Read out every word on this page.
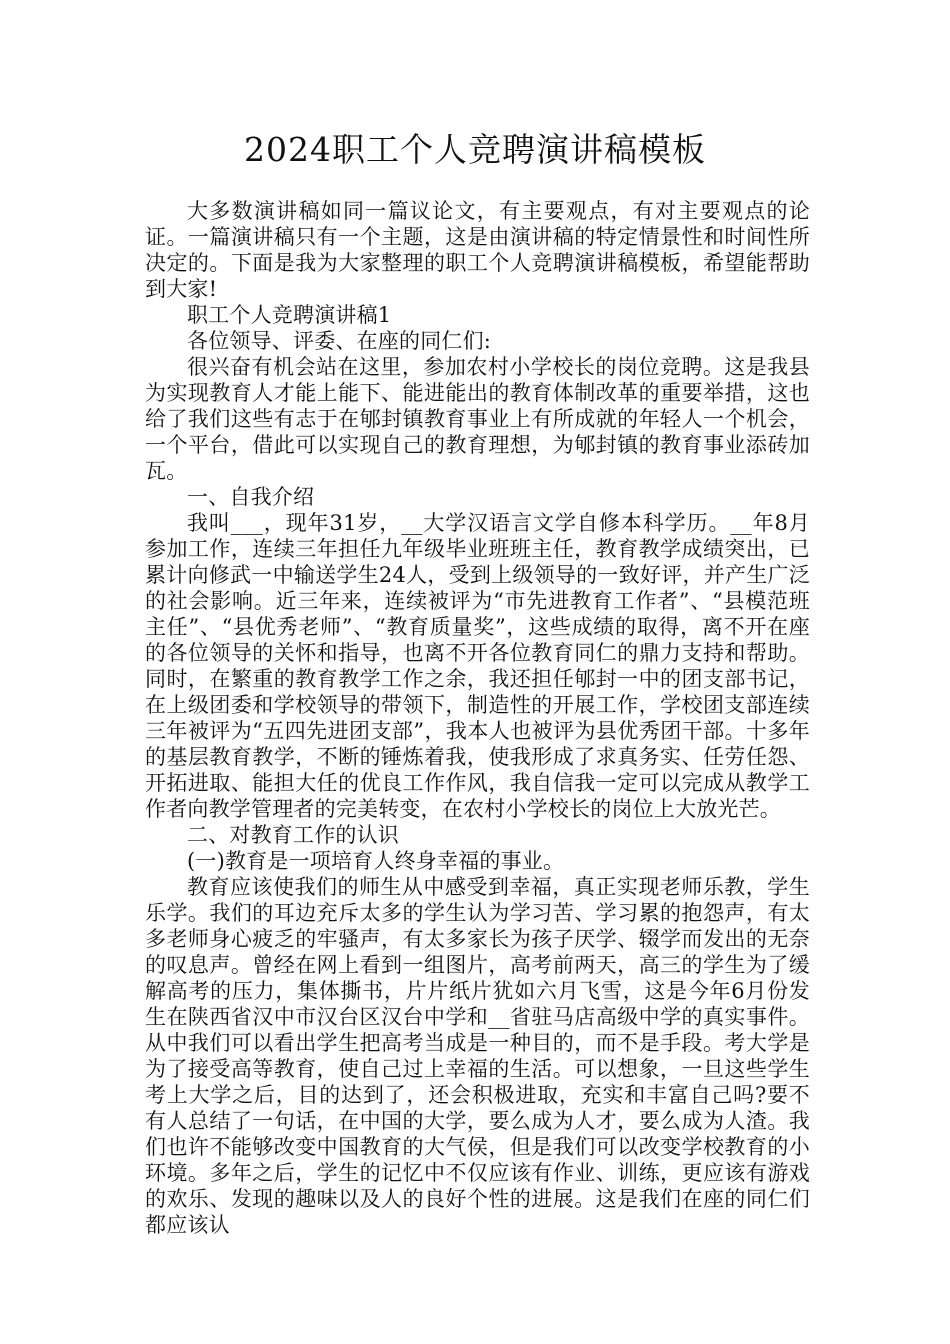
2024职工个人竞聘演讲稿模板

大多数演讲稿如同一篇议论文，有主要观点，有对主要观点的论证。一篇演讲稿只有一个主题，这是由演讲稿的特定情景性和时间性所决定的。下面是我为大家整理的职工个人竞聘演讲稿模板，希望能帮助到大家!

职工个人竞聘演讲稿1

各位领导、评委、在座的同仁们:

很兴奋有机会站在这里，参加农村小学校长的岗位竞聘。这是我县为实现教育人才能上能下、能进能出的教育体制改革的重要举措，这也给了我们这些有志于在郇封镇教育事业上有所成就的年轻人一个机会，一个平台，借此可以实现自己的教育理想，为郇封镇的教育事业添砖加瓦。

一、自我介绍

我叫___，现年31岁，__大学汉语言文学自修本科学历。__年8月参加工作，连续三年担任九年级毕业班班主任，教育教学成绩突出，已累计向修武一中输送学生24人，受到上级领导的一致好评，并产生广泛的社会影响。近三年来，连续被评为“市先进教育工作者”、“县模范班主任”、“县优秀老师”、“教育质量奖”，这些成绩的取得，离不开在座的各位领导的关怀和指导，也离不开各位教育同仁的鼎力支持和帮助。同时，在繁重的教育教学工作之余，我还担任郇封一中的团支部书记，在上级团委和学校领导的带领下，制造性的开展工作，学校团支部连续三年被评为“五四先进团支部”，我本人也被评为县优秀团干部。十多年的基层教育教学，不断的锤炼着我，使我形成了求真务实、任劳任怨、开拓进取、能担大任的优良工作作风，我自信我一定可以完成从教学工作者向教学管理者的完美转变，在农村小学校长的岗位上大放光芒。

二、对教育工作的认识

(一)教育是一项培育人终身幸福的事业。

教育应该使我们的师生从中感受到幸福，真正实现老师乐教，学生乐学。我们的耳边充斥太多的学生认为学习苦、学习累的抱怨声，有太多老师身心疲乏的牢骚声，有太多家长为孩子厌学、辍学而发出的无奈的叹息声。曾经在网上看到一组图片，高考前两天，高三的学生为了缓解高考的压力，集体撕书，片片纸片犹如六月飞雪，这是今年6月份发生在陕西省汉中市汉台区汉台中学和__省驻马店高级中学的真实事件。从中我们可以看出学生把高考当成是一种目的，而不是手段。考大学是为了接受高等教育，使自己过上幸福的生活。可以想象，一旦这些学生考上大学之后，目的达到了，还会积极进取，充实和丰富自己吗?要不有人总结了一句话，在中国的大学，要么成为人才，要么成为人渣。我们也许不能够改变中国教育的大气侯，但是我们可以改变学校教育的小环境。多年之后，学生的记忆中不仅应该有作业、训练，更应该有游戏的欢乐、发现的趣味以及人的良好个性的进展。这是我们在座的同仁们都应该认
